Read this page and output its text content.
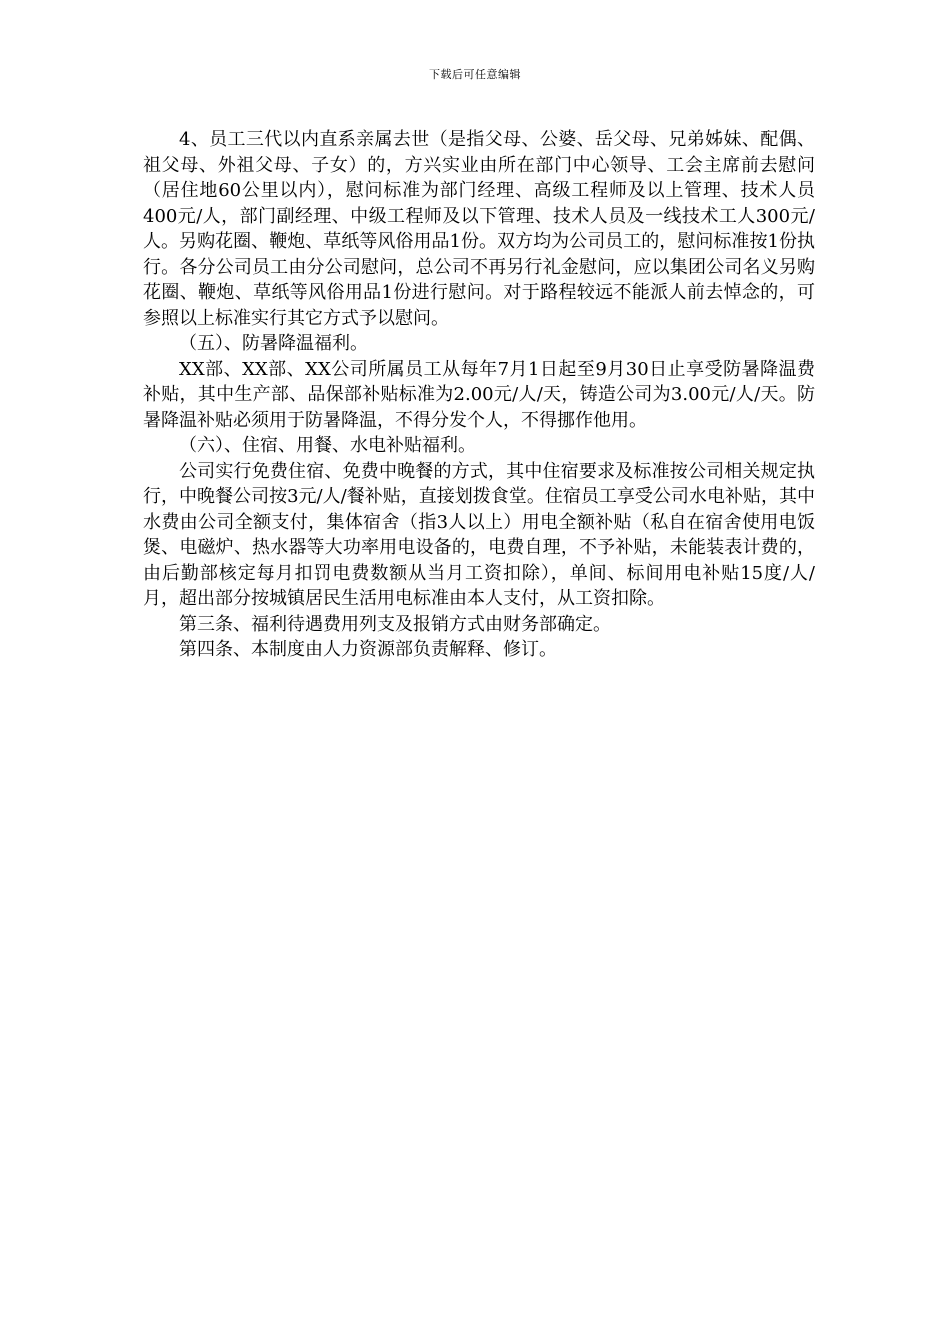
下载后可任意编辑

4、员工三代以内直系亲属去世（是指父母、公婆、岳父母、兄弟姊妹、配偶、祖父母、外祖父母、子女）的，方兴实业由所在部门中心领导、工会主席前去慰问（居住地60公里以内），慰问标准为部门经理、高级工程师及以上管理、技术人员400元/人，部门副经理、中级工程师及以下管理、技术人员及一线技术工人300元/人。另购花圈、鞭炮、草纸等风俗用品1份。双方均为公司员工的，慰问标准按1份执行。各分公司员工由分公司慰问，总公司不再另行礼金慰问，应以集团公司名义另购花圈、鞭炮、草纸等风俗用品1份进行慰问。对于路程较远不能派人前去悼念的，可参照以上标准实行其它方式予以慰问。

（五）、防暑降温福利。

XX部、XX部、XX公司所属员工从每年7月1日起至9月30日止享受防暑降温费补贴，其中生产部、品保部补贴标准为2.00元/人/天，铸造公司为3.00元/人/天。防暑降温补贴必须用于防暑降温，不得分发个人，不得挪作他用。

（六）、住宿、用餐、水电补贴福利。

公司实行免费住宿、免费中晚餐的方式，其中住宿要求及标准按公司相关规定执行，中晚餐公司按3元/人/餐补贴，直接划拨食堂。住宿员工享受公司水电补贴，其中水费由公司全额支付，集体宿舍（指3人以上）用电全额补贴（私自在宿舍使用电饭煲、电磁炉、热水器等大功率用电设备的，电费自理，不予补贴，未能装表计费的，由后勤部核定每月扣罚电费数额从当月工资扣除），单间、标间用电补贴15度/人/月，超出部分按城镇居民生活用电标准由本人支付，从工资扣除。

第三条、福利待遇费用列支及报销方式由财务部确定。

第四条、本制度由人力资源部负责解释、修订。
